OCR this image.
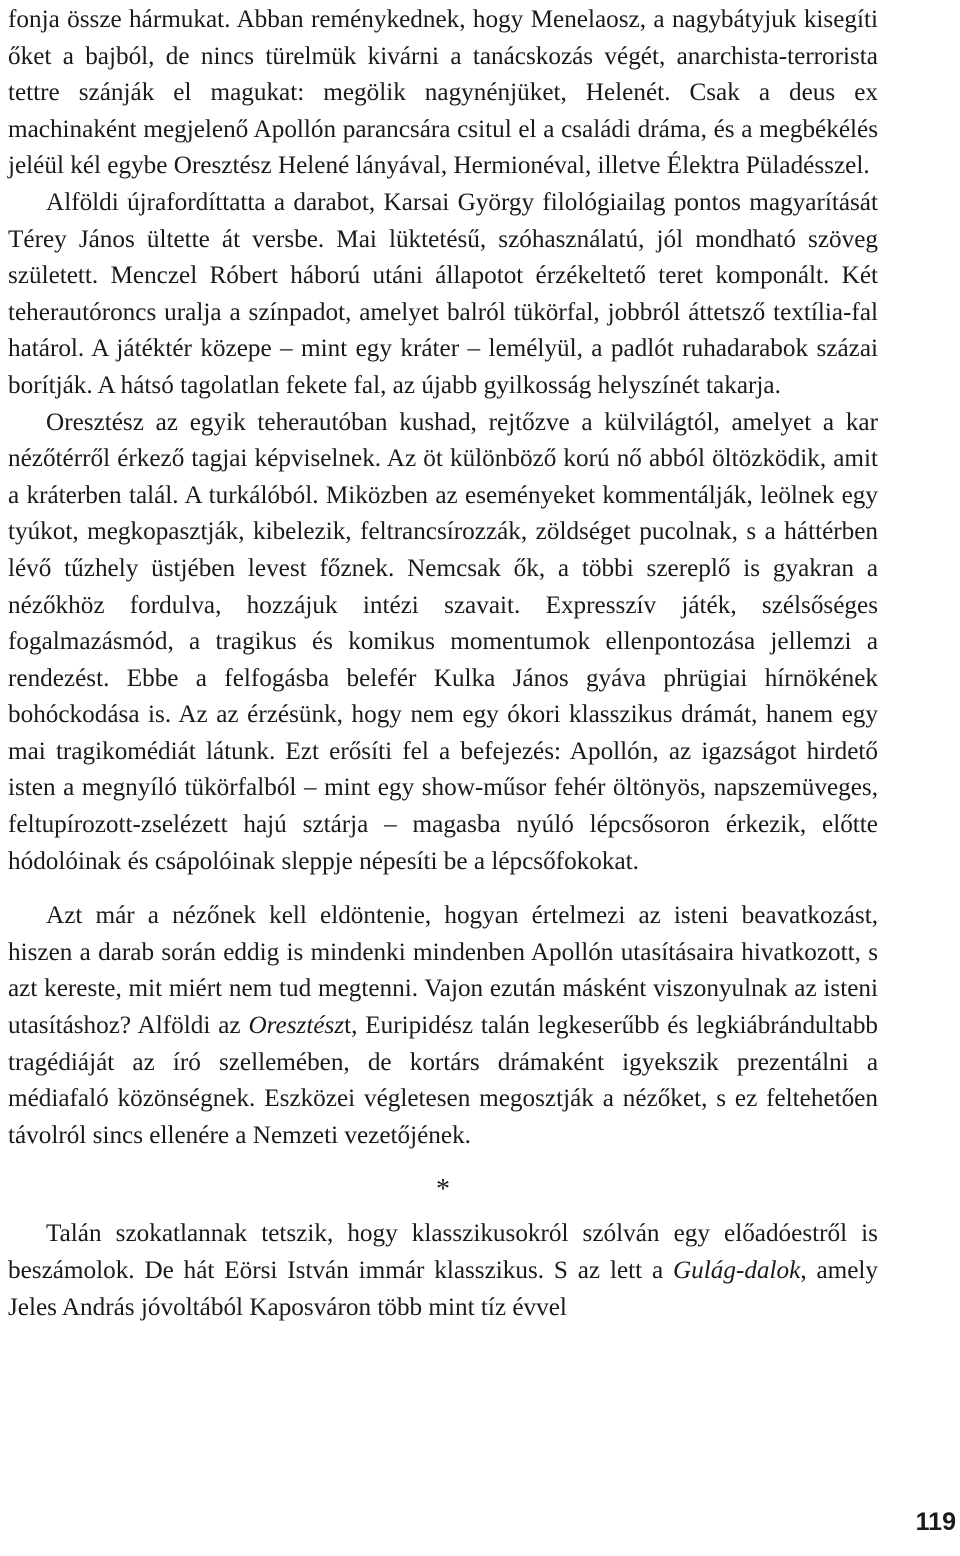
fonja össze hármukat. Abban reménykednek, hogy Menelaosz, a nagybátyjuk kisegíti őket a bajból, de nincs türelmük kivárni a tanácskozás végét, anarchista-terrorista tettre szánják el magukat: megölik nagynénjüket, Helenét. Csak a deus ex machinaként megjelenő Apollón parancsára csitul el a családi dráma, és a megbékélés jeléül kél egybe Oresztész Helené lányával, Hermionéval, illetve Élektra Püladésszel.

Alföldi újrafordíttatta a darabot, Karsai György filológiailag pontos magyarítását Térey János ültette át versbe. Mai lüktetésű, szóhasználatú, jól mondható szöveg született. Menczel Róbert háború utáni állapotot érzékeltető teret komponált. Két teherautóroncs uralja a színpadot, amelyet balról tükörfal, jobbról áttetsző textília-fal határol. A játéktér közepe – mint egy kráter – lemélyül, a padlót ruhadarabok százai borítják. A hátsó tagolatlan fekete fal, az újabb gyilkosság helyszínét takarja.

Oresztész az egyik teherautóban kushad, rejtőzve a külvilágtól, amelyet a kar nézőtérről érkező tagjai képviselnek. Az öt különböző korú nő abból öltözködik, amit a kráterben talál. A turkálóból. Miközben az eseményeket kommentálják, leölnek egy tyúkot, megkopasztják, kibelezik, feltrancsírozzák, zöldséget pucolnak, s a háttérben lévő tűzhely üstjében levest főznek. Nemcsak ők, a többi szereplő is gyakran a nézőkhöz fordulva, hozzájuk intézi szavait. Expresszív játék, szélsőséges fogalmazásmód, a tragikus és komikus momentumok ellenpontozása jellemzi a rendezést. Ebbe a felfogásba belefér Kulka János gyáva phrügiai hírnökének bohóckodása is. Az az érzésünk, hogy nem egy ókori klasszikus drámát, hanem egy mai tragikomédiát látunk. Ezt erősíti fel a befejezés: Apollón, az igazságot hirdető isten a megnyíló tükörfalból – mint egy show-műsor fehér öltönyös, napszemüveges, feltupírozott-zselézett hajú sztárja – magasba nyúló lépcsősoron érkezik, előtte hódolóinak és csápolóinak sleppje népesíti be a lépcsőfokokat.

Azt már a nézőnek kell eldöntenie, hogyan értelmezi az isteni beavatkozást, hiszen a darab során eddig is mindenki mindenben Apollón utasításaira hivatkozott, s azt kereste, mit miért nem tud megtenni. Vajon ezután másként viszonyulnak az isteni utasításhoz? Alföldi az Oresztészt, Euripidész talán legkeserűbb és legkiábrándultabb tragédiáját az író szellemében, de kortárs drámaként igyekszik prezentálni a médiafaló közönségnek. Eszközei végletesen megosztják a nézőket, s ez feltehetően távolról sincs ellenére a Nemzeti vezetőjének.

*

Talán szokatlannak tetszik, hogy klasszikusokról szólván egy előadóestről is beszámolok. De hát Eörsi István immár klasszikus. S az lett a Gulág-dalok, amely Jeles András jóvoltából Kaposváron több mint tíz évvel

119
